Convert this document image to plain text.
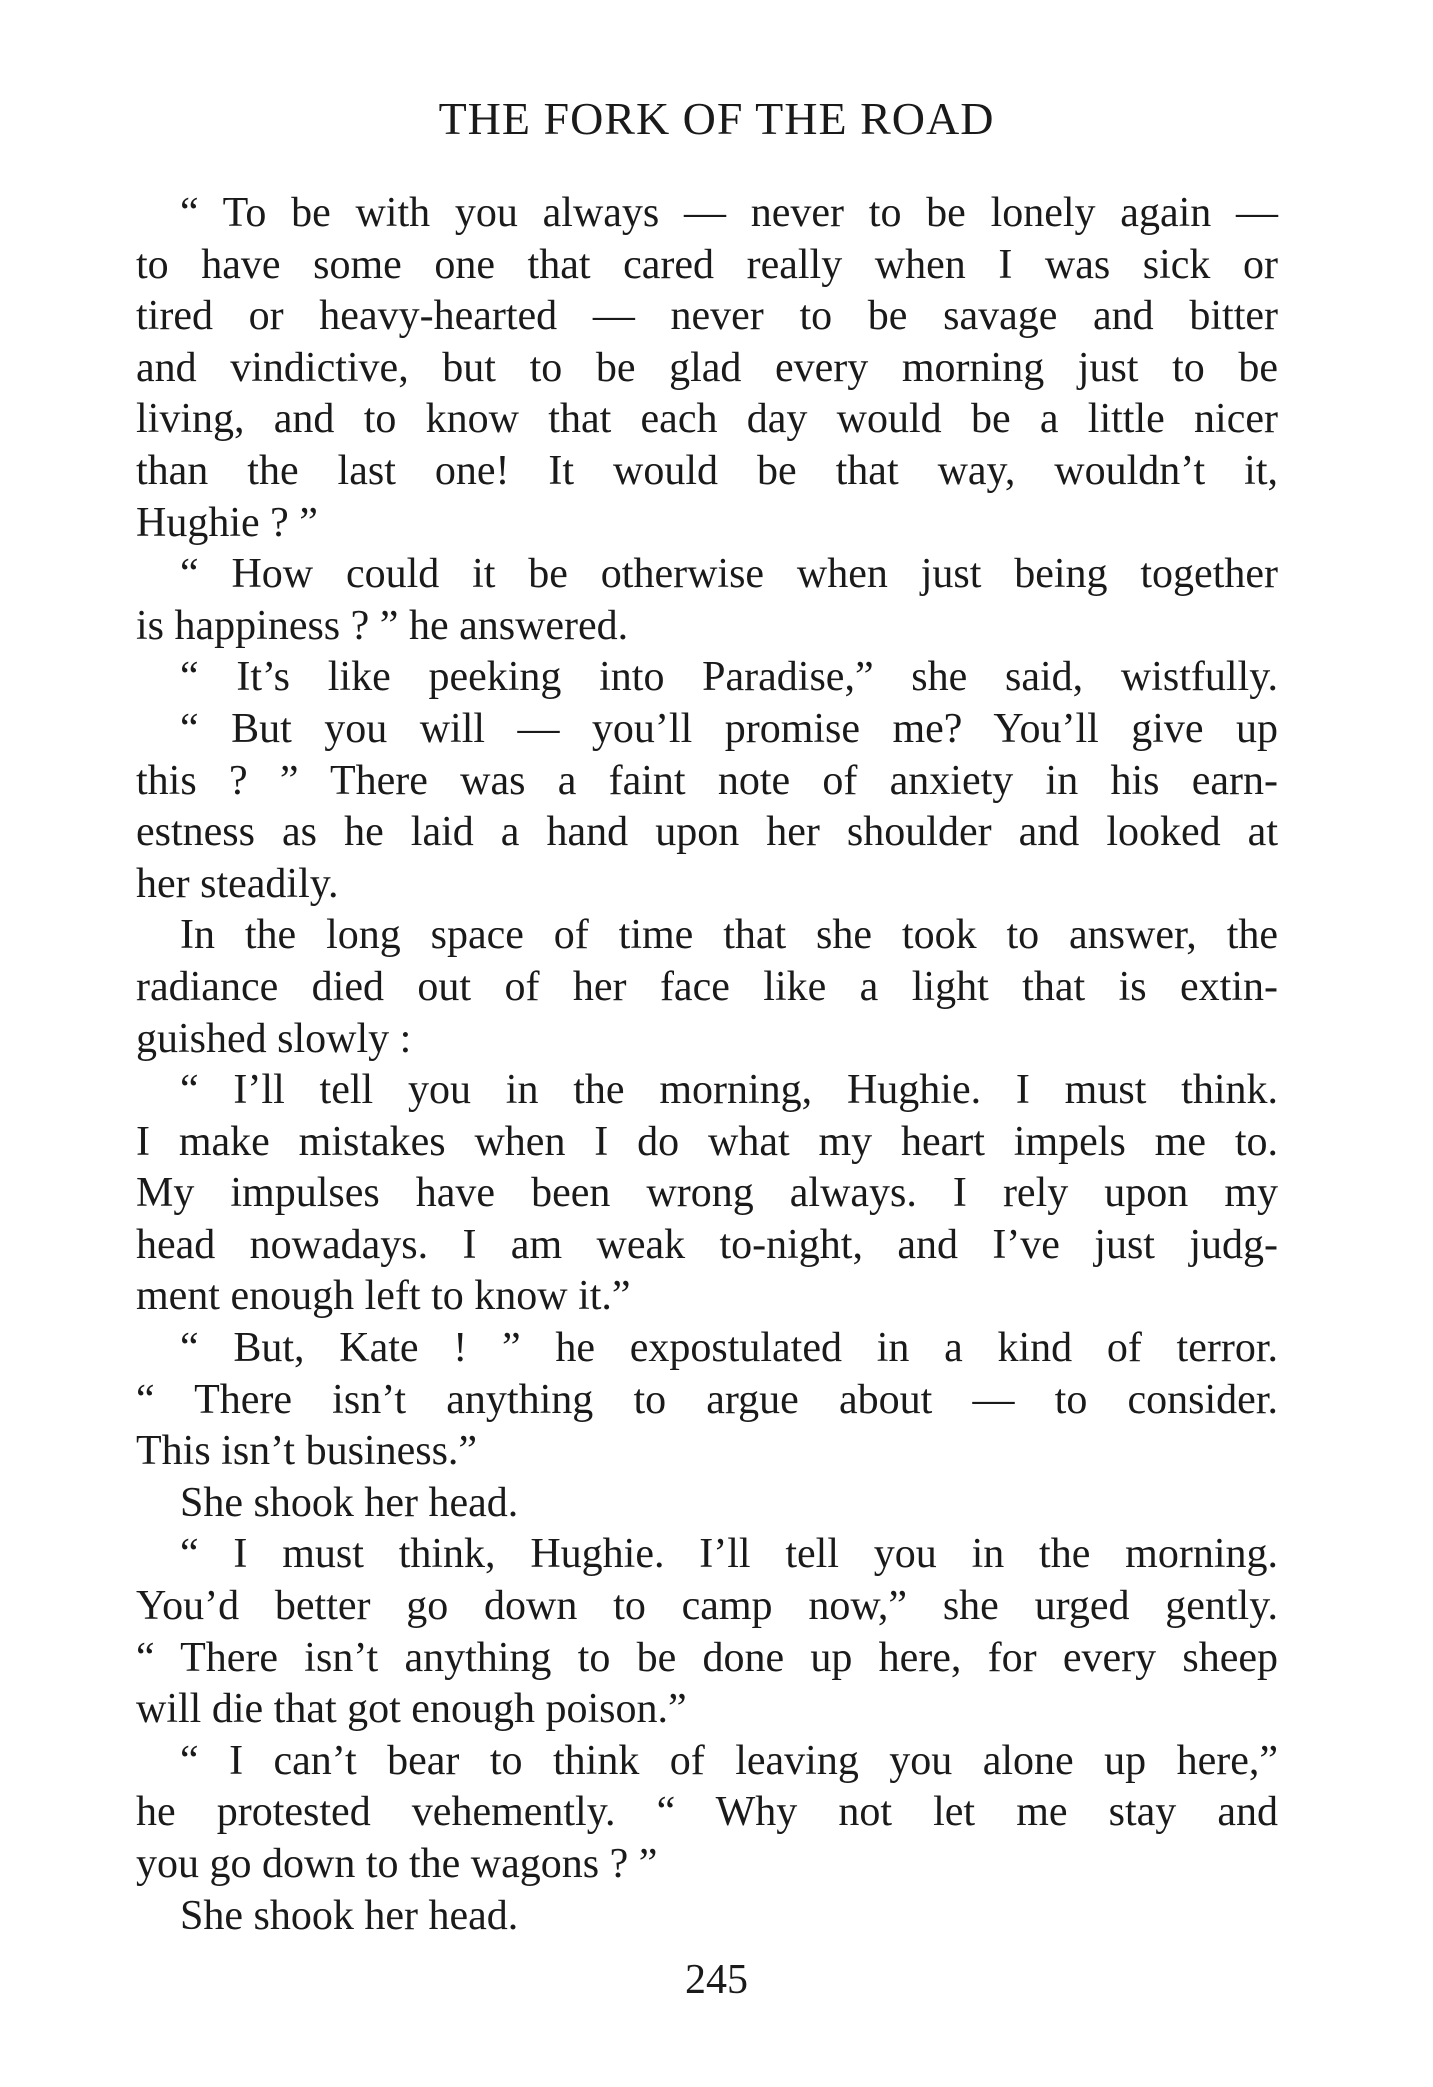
THE FORK OF THE ROAD
“ To be with you always — never to be lonely again —
to have some one that cared really when I was sick or
tired or heavy-hearted — never to be savage and bitter
and vindictive, but to be glad every morning just to be
living, and to know that each day would be a little nicer
than the last one! It would be that way, wouldn’t it,
Hughie ? ”
“ How could it be otherwise when just being together
is happiness ? ” he answered.
“ It’s like peeking into Paradise,” she said, wistfully.
“ But you will — you’ll promise me? You’ll give up
this ? ” There was a faint note of anxiety in his earn-
estness as he laid a hand upon her shoulder and looked at
her steadily.
In the long space of time that she took to answer, the
radiance died out of her face like a light that is extin-
guished slowly :
“ I’ll tell you in the morning, Hughie. I must think.
I make mistakes when I do what my heart impels me to.
My impulses have been wrong always. I rely upon my
head nowadays. I am weak to-night, and I’ve just judg-
ment enough left to know it.”
“ But, Kate ! ” he expostulated in a kind of terror.
“ There isn’t anything to argue about — to consider.
This isn’t business.”
She shook her head.
“ I must think, Hughie. I’ll tell you in the morning.
You’d better go down to camp now,” she urged gently.
“ There isn’t anything to be done up here, for every sheep
will die that got enough poison.”
“ I can’t bear to think of leaving you alone up here,”
he protested vehemently. “ Why not let me stay and
you go down to the wagons ? ”
She shook her head.
245
